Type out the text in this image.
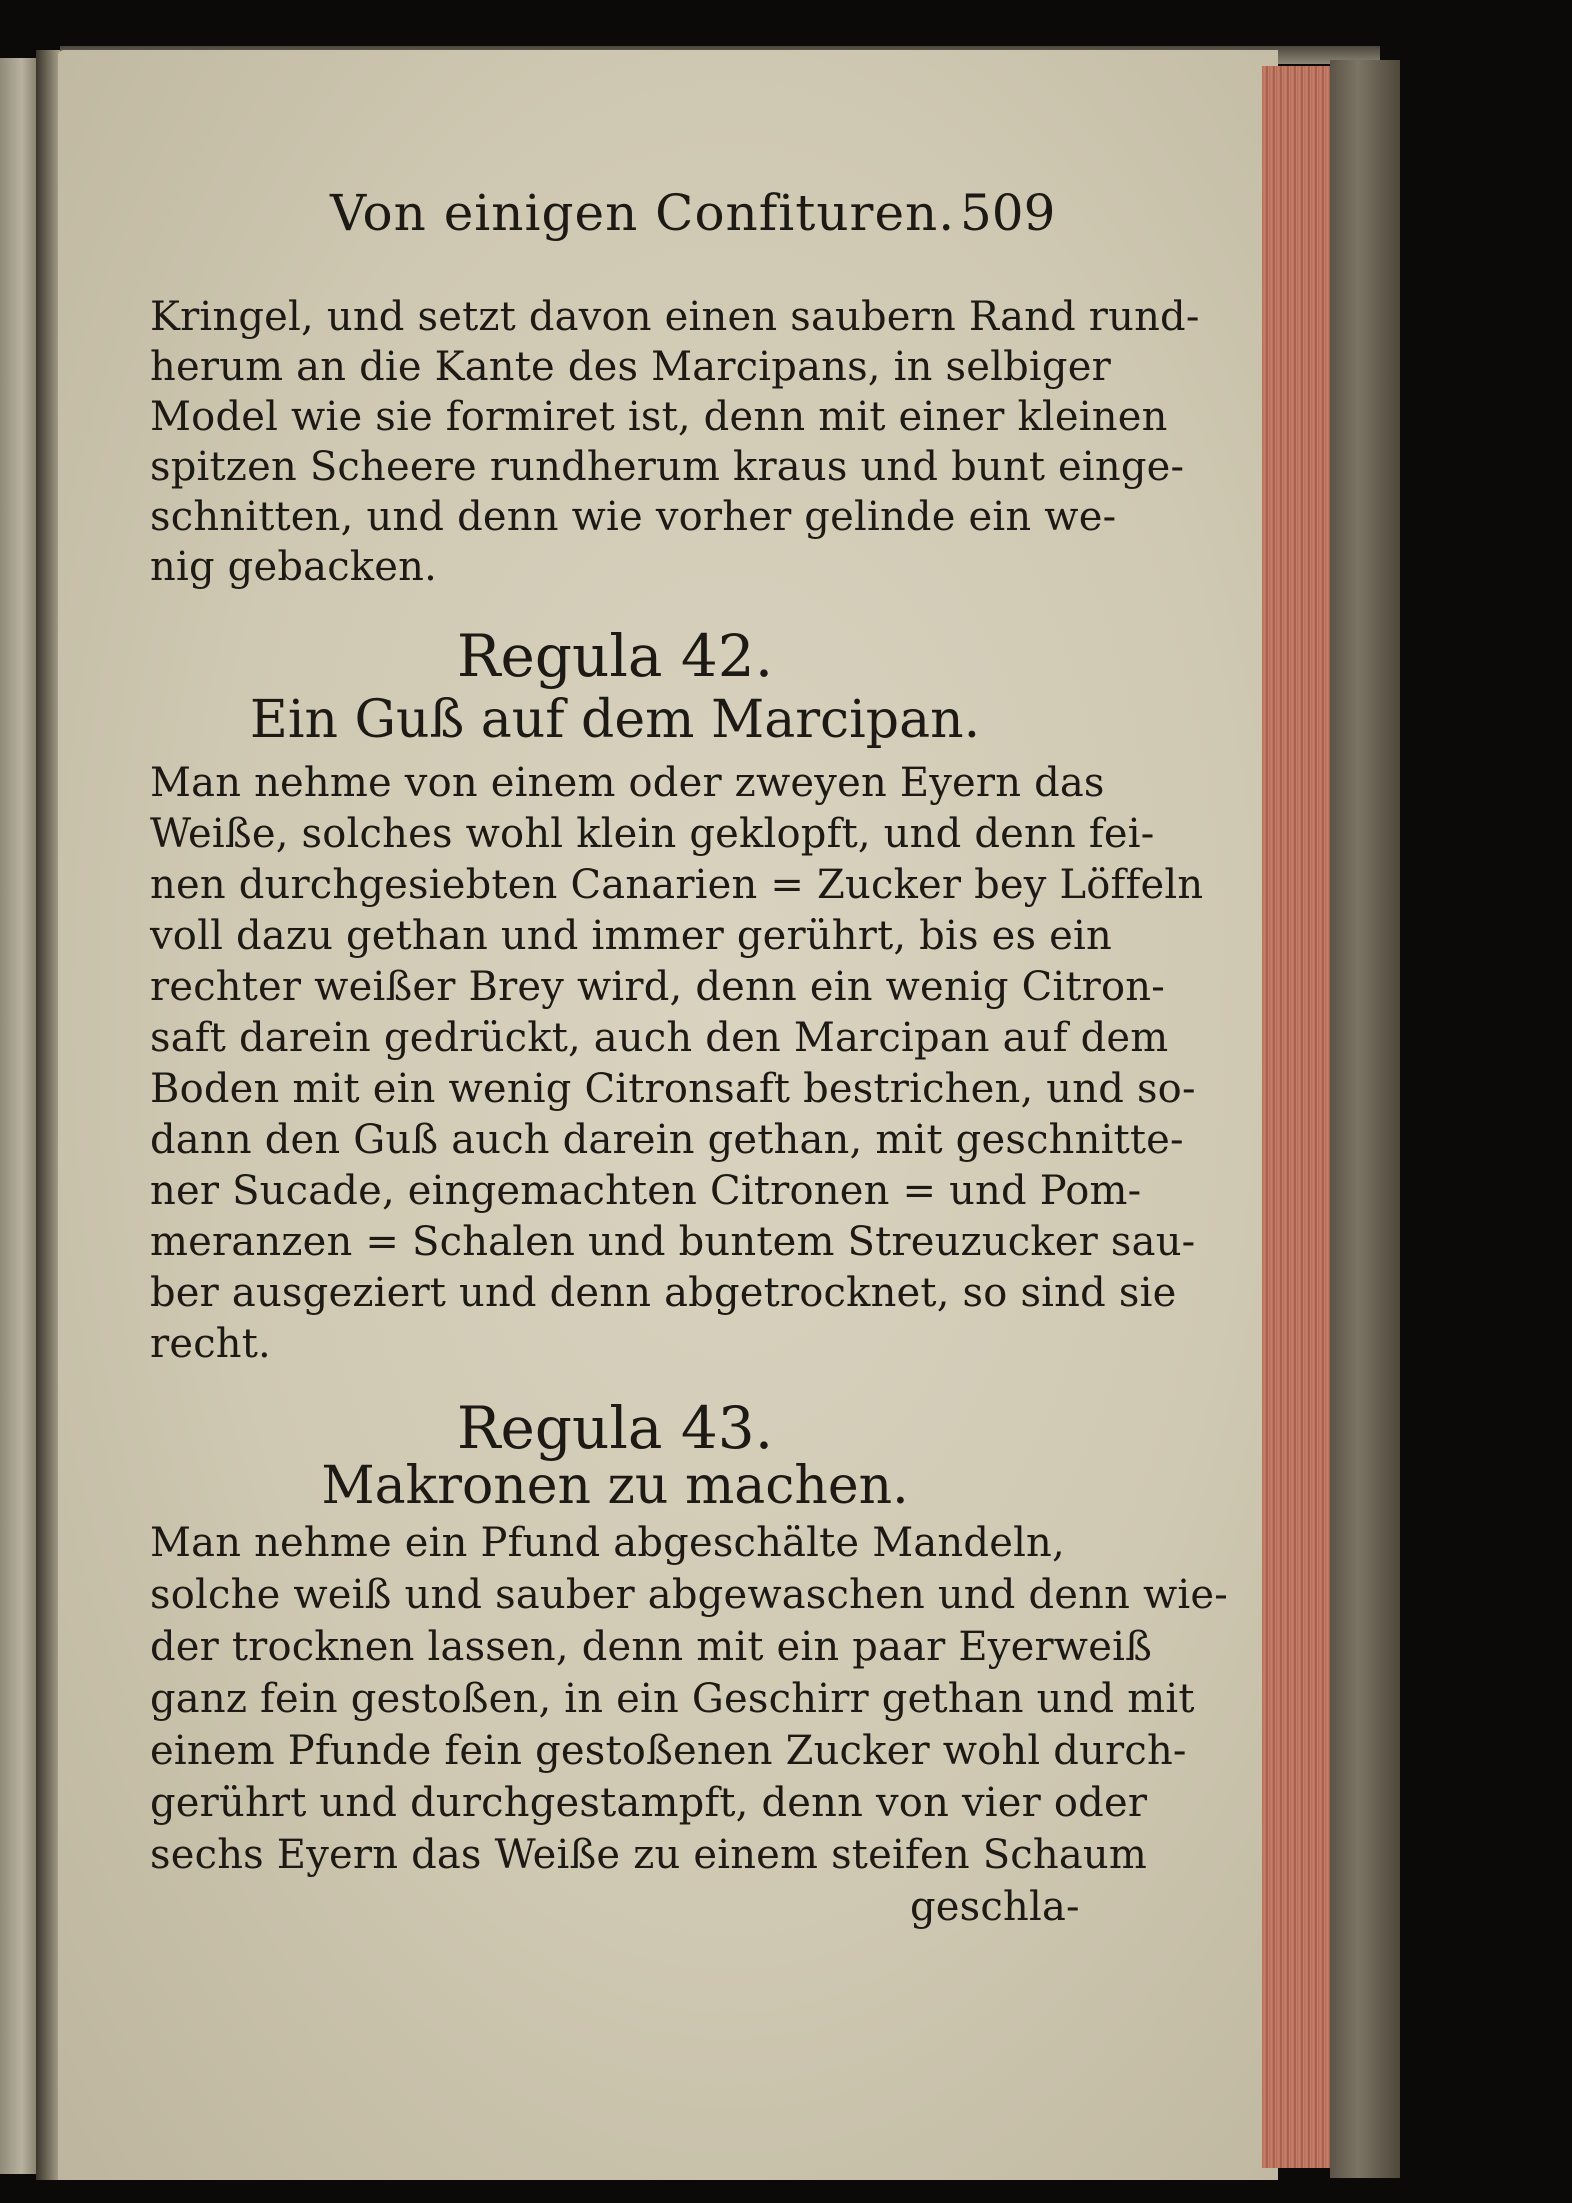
Von einigen Confituren. 509
Kringel, und setzt davon einen saubern Rand rund-
herum an die Kante des Marcipans, in selbiger
Model wie sie formiret ist, denn mit einer kleinen
spitzen Scheere rundherum kraus und bunt einge-
schnitten, und denn wie vorher gelinde ein we-
nig gebacken.
Regula 42.
Ein Guß auf dem Marcipan.
Man nehme von einem oder zweyen Eyern das
Weiße, solches wohl klein geklopft, und denn fei-
nen durchgesiebten Canarien = Zucker bey Löffeln
voll dazu gethan und immer gerührt, bis es ein
rechter weißer Brey wird, denn ein wenig Citron-
saft darein gedrückt, auch den Marcipan auf dem
Boden mit ein wenig Citronsaft bestrichen, und so-
dann den Guß auch darein gethan, mit geschnitte-
ner Sucade, eingemachten Citronen = und Pom-
meranzen = Schalen und buntem Streuzucker sau-
ber ausgeziert und denn abgetrocknet, so sind sie
recht.
Regula 43.
Makronen zu machen.
Man nehme ein Pfund abgeschälte Mandeln,
solche weiß und sauber abgewaschen und denn wie-
der trocknen lassen, denn mit ein paar Eyerweiß
ganz fein gestoßen, in ein Geschirr gethan und mit
einem Pfunde fein gestoßenen Zucker wohl durch-
gerührt und durchgestampft, denn von vier oder
sechs Eyern das Weiße zu einem steifen Schaum
geschla-
